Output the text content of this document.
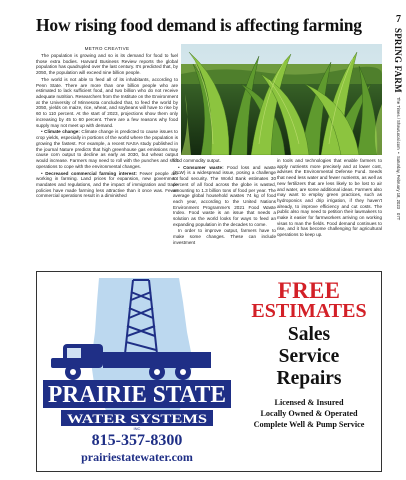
7
SPRING FARM The Times / ShawLocal.com  •  Saturday, February 18, 2023    07T
How rising food demand is affecting farming

METRO CREATIVE

The population is growing and so is its demand for food to fuel those extra bodies. Harvard Business Review reports the global population has quadrupled over the last century. It's predicted that, by 2050, the population will exceed nine billion people.

The world is not able to feed all of its inhabitants, according to Penn State. There are more than one billion people who are estimated to lack sufficient food, and two billion who do not receive adequate nutrition. Researchers from the Institute on the Environment at the University of Minnesota concluded that, to feed the world by 2050, yields on maize, rice, wheat, and soybeans will have to rise by 60 to 110 percent. At the start of 2023, projections show them only increasing by 45 to 60 percent. There are a few reasons why food supply may not meet up with demand.

• Climate change: Climate change is predicted to cause issues to crop yields, especially in portions of the world where the population is growing the fastest. For example, a recent NASA study published in the journal Nature predicts that high greenhouse gas emissions may cause corn output to decline as early as 2030, but wheat output would increase. Farmers may need to roll with the punches and shift operations to cope with the environmental changes.

• Decreased commercial farming interest: Fewer people are working in farming. Land prices for expansion, new government mandates and regulations, and the impact of immigration and trade policies have made farming less attractive than it once was. Fewer commercial operations result in a diminished

food commodity output.

• Consumer waste: Food loss and waste (FLW) is a widespread issue, posing a challenge to food security. The World Bank estimates 30 percent of all food across the globe is wasted, amounting to 1.3 billion tons of food per year. The average global household wastes 74 kg of food each year, according to the United Nations Environment Programme's 2021 Food Waste Index. Food waste is an issue that needs a solution as the world looks for ways to feed an expanding population in the decades to come.

In order to improve output, farmers have to make some changes. These can include investment

in tools and technologies that enable farmers to apply nutrients more precisely and at lower cost, advises the Environmental Defense Fund. Seeds that need less water and fewer nutrients, as well as new fertilizers that are less likely to be lost to air and water, are some additional ideas. Farmers also may want to employ green practices, such as hydroponics and drip irrigation, if they haven't already, to improve efficiency and cut costs. The public also may need to petition their lawmakers to make it easier for farmworkers arriving on working visas to man the fields. Food demand continues to rise, and it has become challenging for agricultural operations to keep up.

PRAIRIE STATE
WATER SYSTEMS
INC
815-357-8300
prairiestatewater.com
FREE
ESTIMATES
Sales
Service
Repairs
Licensed & Insured
Locally Owned & Operated
Complete Well & Pump Service
